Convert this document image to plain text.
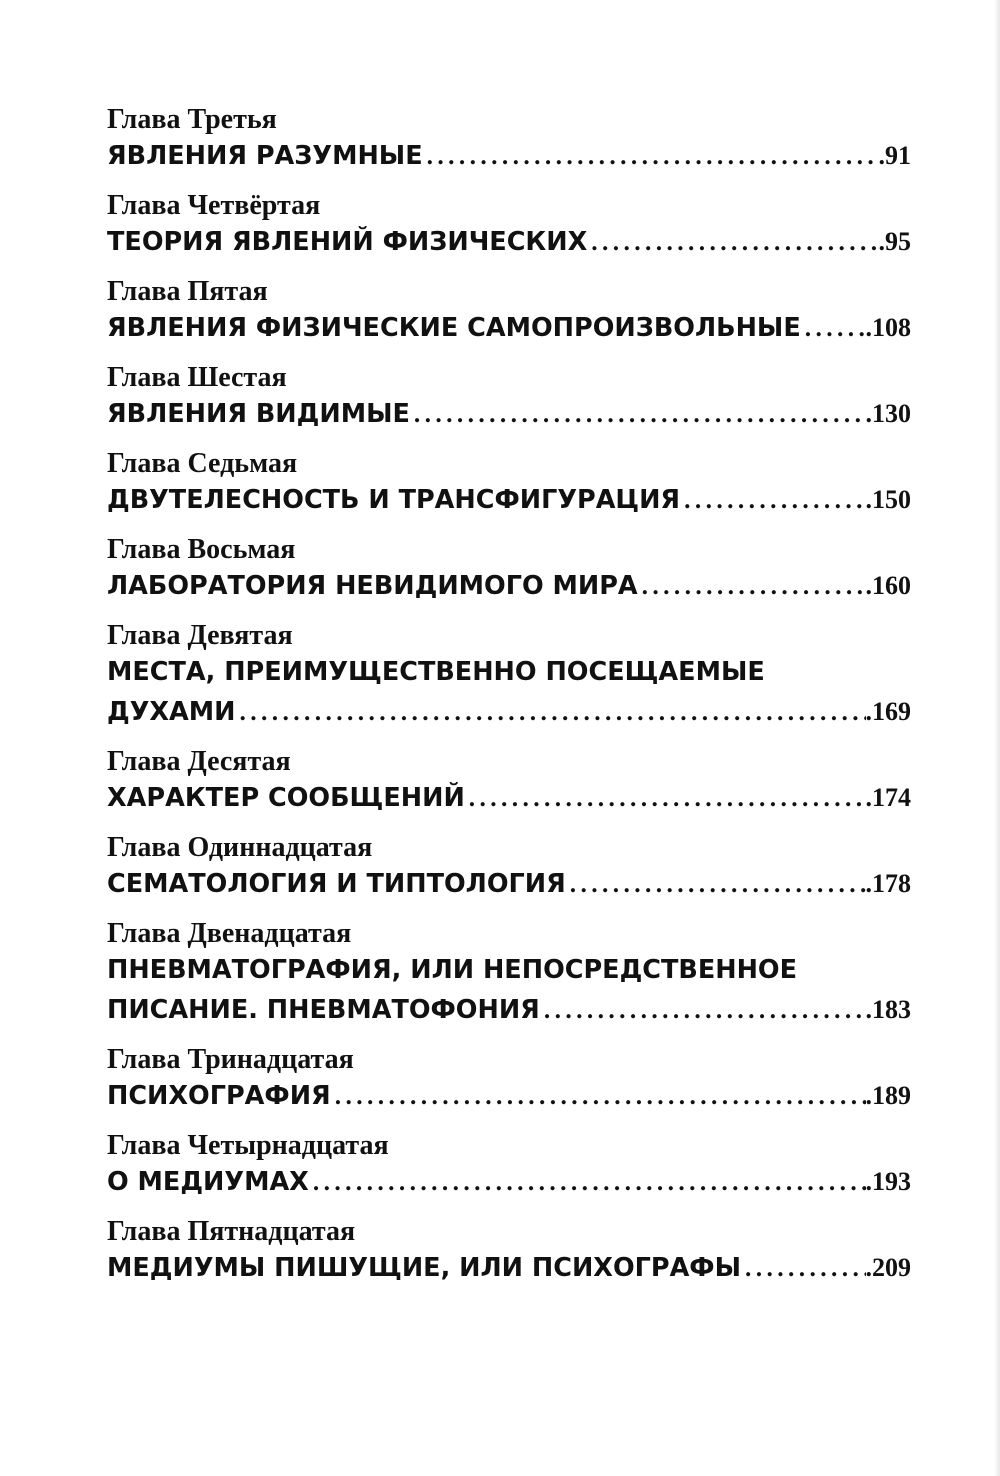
Глава Третья
ЯВЛЕНИЯ РАЗУМНЫЕ . . .	.91
Глава Четвёртая
ТЕОРИЯ ЯВЛЕНИЙ ФИЗИЧЕСКИХ . . .	.95
Глава Пятая
ЯВЛЕНИЯ ФИЗИЧЕСКИЕ САМОПРОИЗВОЛЬНЫЕ . . . .108
Глава Шестая
ЯВЛЕНИЯ ВИДИМЫЕ . . .	.130
Глава Седьмая
ДВУТЕЛЕСНОСТЬ И ТРАНСФИГУРАЦИЯ . . .	.150
Глава Восьмая
ЛАБОРАТОРИЯ НЕВИДИМОГО МИРА . . .	.160
Глава Девятая
МЕСТА, ПРЕИМУЩЕСТВЕННО ПОСЕЩАЕМЫЕ
ДУХАМИ . . .	.169
Глава Десятая
ХАРАКТЕР СООБЩЕНИЙ . . .	.174
Глава Одиннадцатая
СЕМАТОЛОГИЯ И ТИПТОЛОГИЯ . . .	.178
Глава Двенадцатая
ПНЕВМАТОГРАФИЯ, ИЛИ НЕПОСРЕДСТВЕННОЕ
ПИСАНИЕ. ПНЕВМАТОФОНИЯ . . .	.183
Глава Тринадцатая
ПСИХОГРАФИЯ . . .	.189
Глава Четырнадцатая
О МЕДИУМАХ . . .	.193
Глава Пятнадцатая
МЕДИУМЫ ПИШУЩИЕ, ИЛИ ПСИХОГРАФЫ . . .	.209
